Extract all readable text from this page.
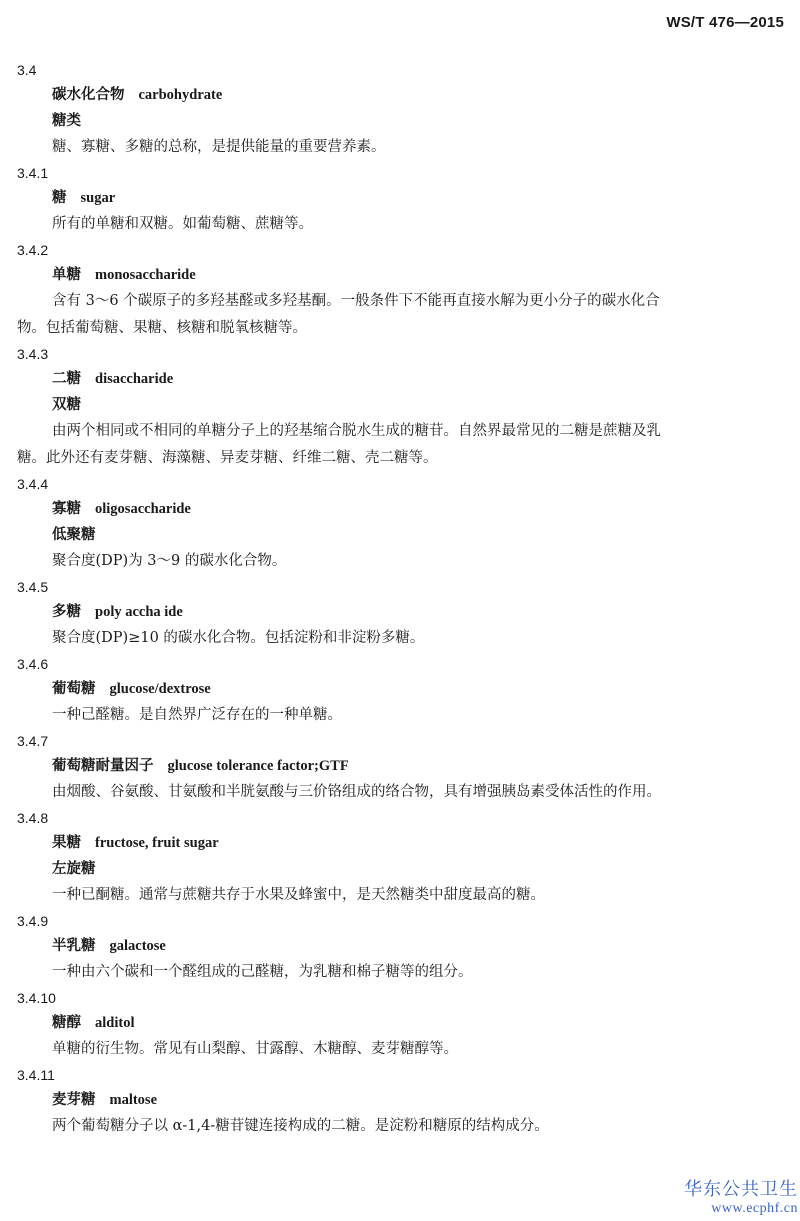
WS/T 476—2015
3.4
碳水化合物 carbohydrate
糖类
糖、寡糖、多糖的总称，是提供能量的重要营养素。
3.4.1
糖 sugar
所有的单糖和双糖。如葡萄糖、蔗糖等。
3.4.2
单糖 monosaccharide
含有 3～6 个碳原子的多羟基醛或多羟基酮。一般条件下不能再直接水解为更小分子的碳水化合
物。包括葡萄糖、果糖、核糖和脱氧核糖等。
3.4.3
二糖 disaccharide
双糖
由两个相同或不相同的单糖分子上的羟基缩合脱水生成的糖苷。自然界最常见的二糖是蔗糖及乳
糖。此外还有麦芽糖、海藻糖、异麦芽糖、纤维二糖、壳二糖等。
3.4.4
寡糖 oligosaccharide
低聚糖
聚合度(DP)为 3～9 的碳水化合物。
3.4.5
多糖 poly accha ide
聚合度(DP)≥10 的碳水化合物。包括淀粉和非淀粉多糖。
3.4.6
葡萄糖 glucose/dextrose
一种己醛糖。是自然界广泛存在的一种单糖。
3.4.7
葡萄糖耐量因子 glucose tolerance factor;GTF
由烟酸、谷氨酸、甘氨酸和半胱氨酸与三价铬组成的络合物，具有增强胰岛素受体活性的作用。
3.4.8
果糖 fructose, fruit sugar
左旋糖
一种已酮糖。通常与蔗糖共存于水果及蜂蜜中，是天然糖类中甜度最高的糖。
3.4.9
半乳糖 galactose
一种由六个碳和一个醛组成的己醛糖，为乳糖和棉子糖等的组分。
3.4.10
糖醇 alditol
单糖的衍生物。常见有山梨醇、甘露醇、木糖醇、麦芽糖醇等。
3.4.11
麦芽糖 maltose
两个葡萄糖分子以 α-1,4-糖苷键连接构成的二糖。是淀粉和糖原的结构成分。
华东公共卫生
www.ecphf.cn
